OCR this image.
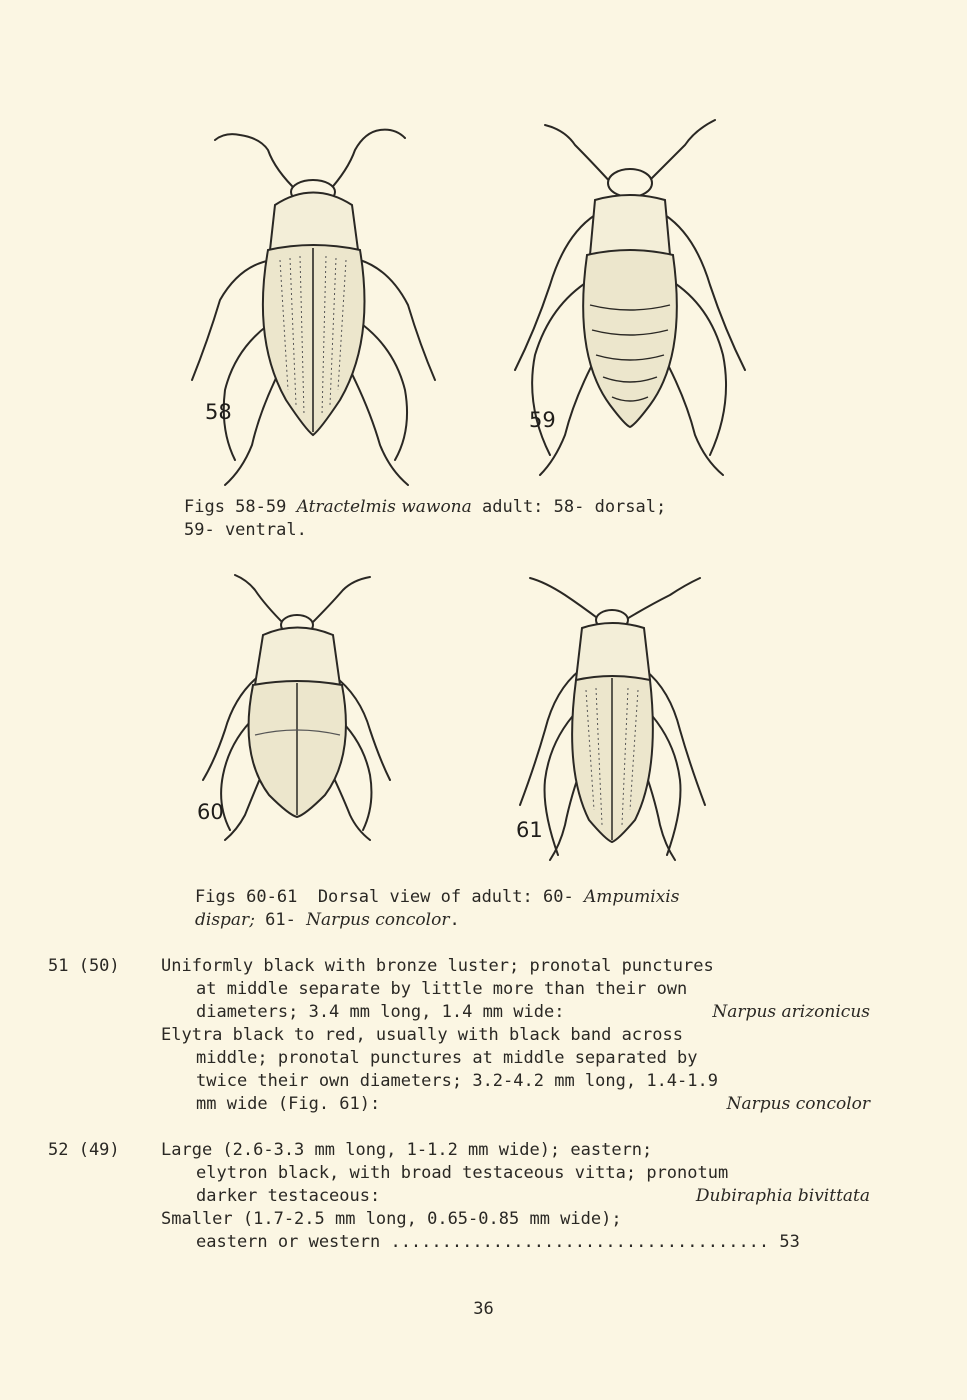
58	59
Figs 58-59 Atractelmis wawona adult: 58- dorsal;
59- ventral.
60
61
Figs 60-61  Dorsal view of adult: 60- Ampumixis
dispar; 61- Narpus concolor.
51 (50) Uniformly black with bronze luster; pronotal punctures
at middle separate by little more than their own
diameters; 3.4 mm long, 1.4 mm wide:	Narpus arizonicus
Elytra black to red, usually with black band across
middle; pronotal punctures at middle separated by
twice their own diameters; 3.2-4.2 mm long, 1.4-1.9
mm wide (Fig. 61):	Narpus concolor
52 (49) Large (2.6-3.3 mm long, 1-1.2 mm wide); eastern;
elytron black, with broad testaceous vitta; pronotum
darker testaceous:	Dubiraphia bivittata
Smaller (1.7-2.5 mm long, 0.65-0.85 mm wide);
eastern or western ..................................... 53
36
